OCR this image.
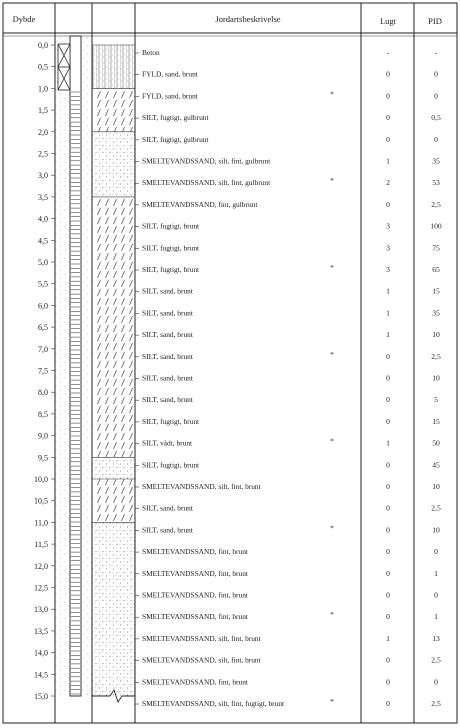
Dybde	Jordartsbeskrivelse	Lugt	PID
0,0
Beton	-	-
0,5
FYLD, sand, brunt	0	0
1,0
FYLD, sand, brunt	*	0	0
1,5
SILT, fugtigt, gulbrunt	0	0,5
2,0
SILT, fugtigt, gulbrunt	0	0
2,5
SMELTEVANDSSAND, silt, fint, gulbrunt	1	35
3,0
SMELTEVANDSSAND, silt, fint, gulbrunt	*	2	53
3,5
SMELTEVANDSSAND, fint, gulbrunt	0	2,5
4,0
SILT, fugtigt, brunt	3	100
4,5
SILT, fugtigt, brunt	3	75
5,0
SILT, fugtigt, brunt	*	3	65
5,5
SILT, sand, brunt	1	15
6,0
SILT, sand, brunt	1	35
6,5
SILT, sand, brunt	1	10
7,0
SILT, sand, brunt	*	0	2,5
7,5
SILT, sand, brunt	0	10
8,0
SILT, sand, brunt	0	5
8,5
SILT, fugtigt, brunt	0	15
9,0
SILT, vådt, brunt	*	1	50
9,5
SILT, fugtigt, brunt	0	45
10,0
SMELTEVANDSSAND, silt, fint, brunt	0	10
10,5
SILT, sand, brunt	0	2,5
11,0
SILT, sand, brunt	*	0	10
11,5
SMELTEVANDSSAND, fint, brunt	0	0
12,0
SMELTEVANDSSAND, fint, brunt	0	1
12,5
SMELTEVANDSSAND, fint, brunt	0	0
13,0
SMELTEVANDSSAND, fint, brunt	*	0	1
13,5
SMELTEVANDSSAND, silt, fint, brunt	1	13
14,0
SMELTEVANDSSAND, silt, fint, brunt	0	2,5
14,5
SMELTEVANDSSAND, fint, brunt	0	0
15,0
SMELTEVANDSSAND, silt, fint, fugtigt, brunt	*	0	2,5
